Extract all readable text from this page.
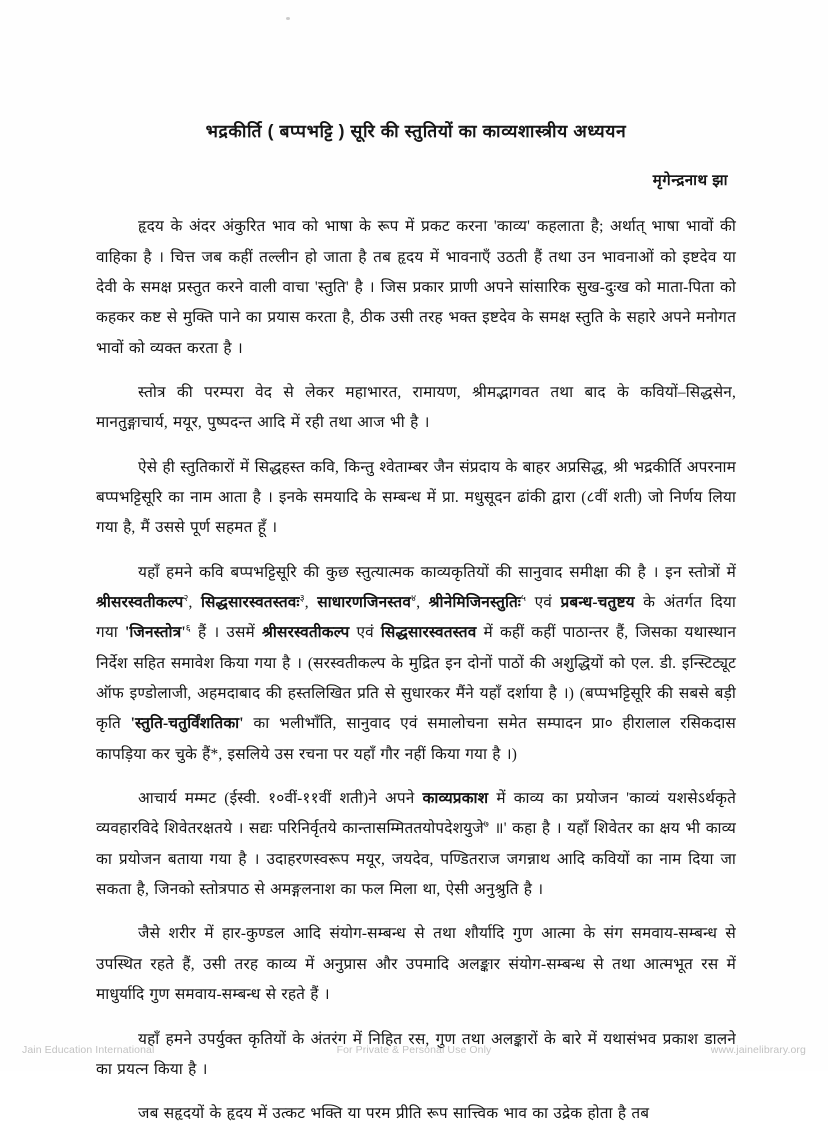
भद्रकीर्ति ( बप्पभट्टि ) सूरि की स्तुतियों का काव्यशास्त्रीय अध्ययन
मृगेन्द्रनाथ झा

हृदय के अंदर अंकुरित भाव को भाषा के रूप में प्रकट करना 'काव्य' कहलाता है; अर्थात् भाषा भावों की वाहिका है । चित्त जब कहीं तल्लीन हो जाता है तब हृदय में भावनाएँ उठती हैं तथा उन भावनाओं को इष्टदेव या देवी के समक्ष प्रस्तुत करने वाली वाचा 'स्तुति' है । जिस प्रकार प्राणी अपने सांसारिक सुख-दुःख को माता-पिता को कहकर कष्ट से मुक्ति पाने का प्रयास करता है, ठीक उसी तरह भक्त इष्टदेव के समक्ष स्तुति के सहारे अपने मनोगत भावों को व्यक्त करता है ।

स्तोत्र की परम्परा वेद से लेकर महाभारत, रामायण, श्रीमद्भागवत तथा बाद के कवियों–सिद्धसेन, मानतुङ्गाचार्य, मयूर, पुष्पदन्त आदि में रही तथा आज भी है ।

ऐसे ही स्तुतिकारों में सिद्धहस्त कवि, किन्तु श्वेताम्बर जैन संप्रदाय के बाहर अप्रसिद्ध, श्री भद्रकीर्ति अपरनाम बप्पभट्टिसूरि का नाम आता है । इनके समयादि के सम्बन्ध में प्रा. मधुसूदन ढांकी द्वारा (८वीं शती) जो निर्णय लिया गया है, मैं उससे पूर्ण सहमत हूँ ।

यहाँ हमने कवि बप्पभट्टिसूरि की कुछ स्तुत्यात्मक काव्यकृतियों की सानुवाद समीक्षा की है । इन स्तोत्रों में श्रीसरस्वतीकल्प$^२$, सिद्धसारस्वतस्तवः$^३$, साधारणजिनस्तव$^४$, श्रीनेमिजिनस्तुतिः$^५$ एवं प्रबन्ध-चतुष्टय के अंतर्गत दिया गया '$जिनस्तोत्र'^६$ हैं । उसमें श्रीसरस्वतीकल्प एवं सिद्धसारस्वतस्तव में कहीं कहीं पाठान्तर हैं, जिसका यथास्थान निर्देश सहित समावेश किया गया है । (सरस्वतीकल्प के मुद्रित इन दोनों पाठों की अशुद्धियों को एल. डी. इन्स्टिट्यूट ऑफ इण्डोलाजी, अहमदाबाद की हस्तलिखित प्रति से सुधारकर मैंने यहाँ दर्शाया है ।) (बप्पभट्टिसूरि की सबसे बड़ी कृति 'स्तुति-चतुर्विंशतिका' का भलीभाँति, सानुवाद एवं समालोचना समेत सम्पादन प्रा० हीरालाल रसिकदास कापड़िया कर चुके हैं*, इसलिये उस रचना पर यहाँ गौर नहीं किया गया है ।)

आचार्य मम्मट (ईस्वी. १०वीं-११वीं शती)ने अपने काव्यप्रकाश में काव्य का प्रयोजन 'काव्यं यशसेऽर्थकृते व्यवहारविदे शिवेतरक्षतये । सद्यः परिनिर्वृतये कान्तासम्मिततयोपदेशयुजे$^७$ ॥' कहा है । यहाँ शिवेतर का क्षय भी काव्य का प्रयोजन बताया गया है । उदाहरणस्वरूप मयूर, जयदेव, पण्डितराज जगन्नाथ आदि कवियों का नाम दिया जा सकता है, जिनको स्तोत्रपाठ से अमङ्गलनाश का फल मिला था, ऐसी अनुश्रुति है ।

जैसे शरीर में हार-कुण्डल आदि संयोग-सम्बन्ध से तथा शौर्यादि गुण आत्मा के संग समवाय-सम्बन्ध से उपस्थित रहते हैं, उसी तरह काव्य में अनुप्रास और उपमादि अलङ्कार संयोग-सम्बन्ध से तथा आत्मभूत रस में माधुर्यादि गुण समवाय-सम्बन्ध से रहते हैं ।

यहाँ हमने उपर्युक्त कृतियों के अंतरंग में निहित रस, गुण तथा अलङ्कारों के बारे में यथासंभव प्रकाश डालने का प्रयत्न किया है ।

जब सहृदयों के हृदय में उत्कट भक्ति या परम प्रीति रूप सात्त्विक भाव का उद्रेक होता है तब

Jain Education International	For Private & Personal Use Only	www.jainelibrary.org
